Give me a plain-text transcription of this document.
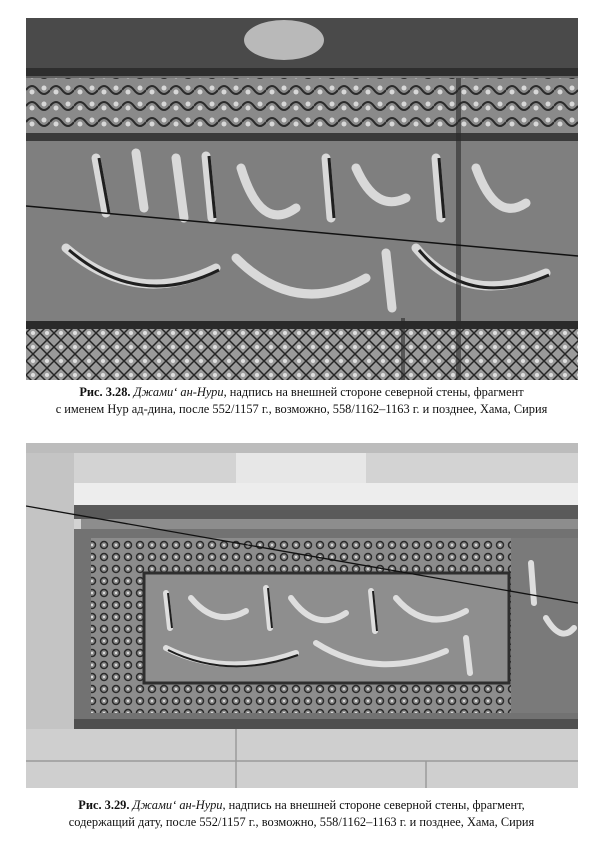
Рис. 3.28. Джами‘ ан-Нури, надпись на внешней стороне северной стены, фрагмент
с именем Нур ад-дина, после 552/1157 г., возможно, 558/1162–1163 г. и позднее, Хама, Сирия
Рис. 3.29. Джами‘ ан-Нури, надпись на внешней стороне северной стены, фрагмент,
содержащий дату, после 552/1157 г., возможно, 558/1162–1163 г. и позднее, Хама, Сирия
